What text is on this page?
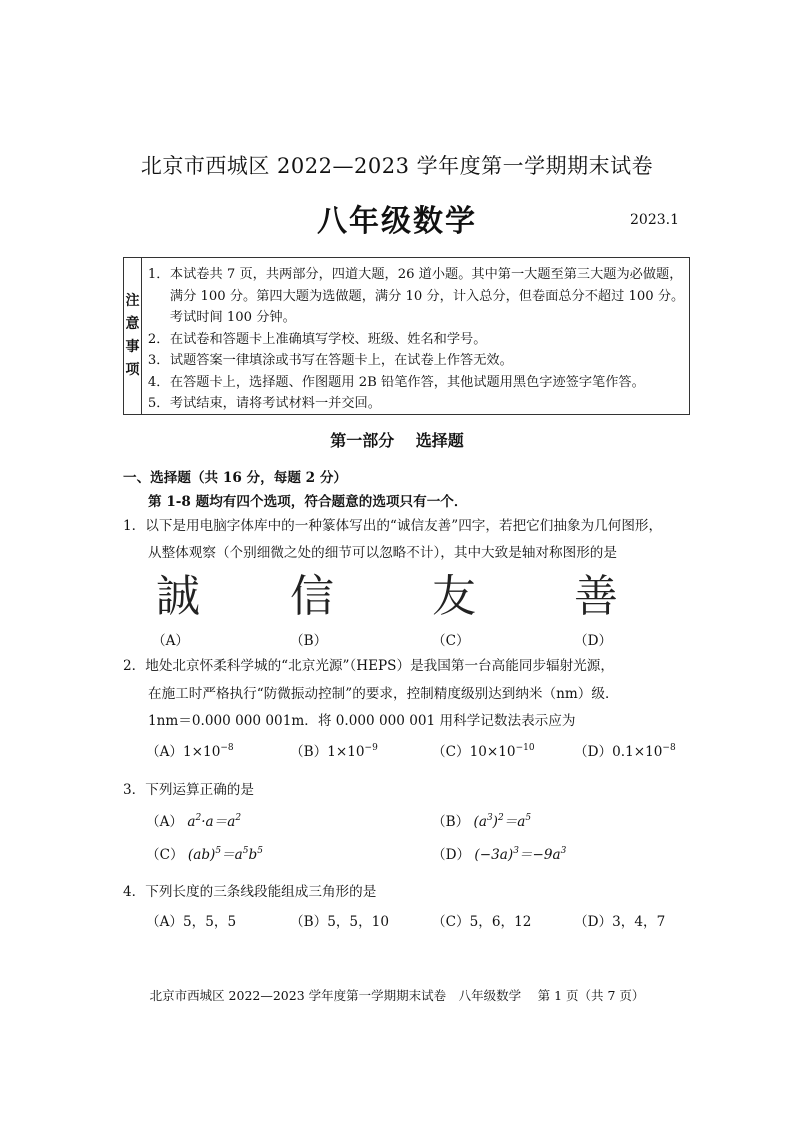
北京市西城区 2022—2023 学年度第一学期期末试卷
八年级数学	2023.1
注
意
事
项
1． 本试卷共 7 页，共两部分，四道大题，26 道小题。其中第一大题至第三大题为必做题，满分 100 分。第四大题为选做题，满分 10 分，计入总分，但卷面总分不超过 100 分。考试时间 100 分钟。
2． 在试卷和答题卡上准确填写学校、班级、姓名和学号。
3． 试题答案一律填涂或书写在答题卡上，在试卷上作答无效。
4． 在答题卡上，选择题、作图题用 2B 铅笔作答，其他试题用黑色字迹签字笔作答。
5． 考试结束，请将考试材料一并交回。
第一部分 选择题
一、选择题（共 16 分，每题 2 分）
第 1-8 题均有四个选项，符合题意的选项只有一个．
1．以下是用电脑字体库中的一种篆体写出的“诚信友善”四字，若把它们抽象为几何图形，
从整体观察（个别细微之处的细节可以忽略不计），其中大致是轴对称图形的是
誠 信 友 善
（A）	（B）	（C）	（D）
2．地处北京怀柔科学城的“北京光源”（HEPS）是我国第一台高能同步辐射光源，
在施工时严格执行“防微振动控制”的要求，控制精度级别达到纳米（nm）级．
1nm＝0.000 000 001m．将 0.000 000 001 用科学记数法表示应为
$(A)1\times 10^{-8}$	$(B)1\times 10^{-9}$	$(C)10\times 10^{-10}$	$(D)0.1\times 10^{-8}$
3．下列运算正确的是
（A） $a^2\cdot a=a^2$	（B） $(a^3)^2=a^5$
（C） $(ab)^5=a^5b^5$	（D） $(-3a)^3=-9a^3$
4．下列长度的三条线段能组成三角形的是
（A）5，5，5	（B）5，5，10	（C）5，6，12	（D）3，4，7
北京市西城区 2022—2023 学年度第一学期期末试卷　八年级数学　 第 1 页（共 7 页）
